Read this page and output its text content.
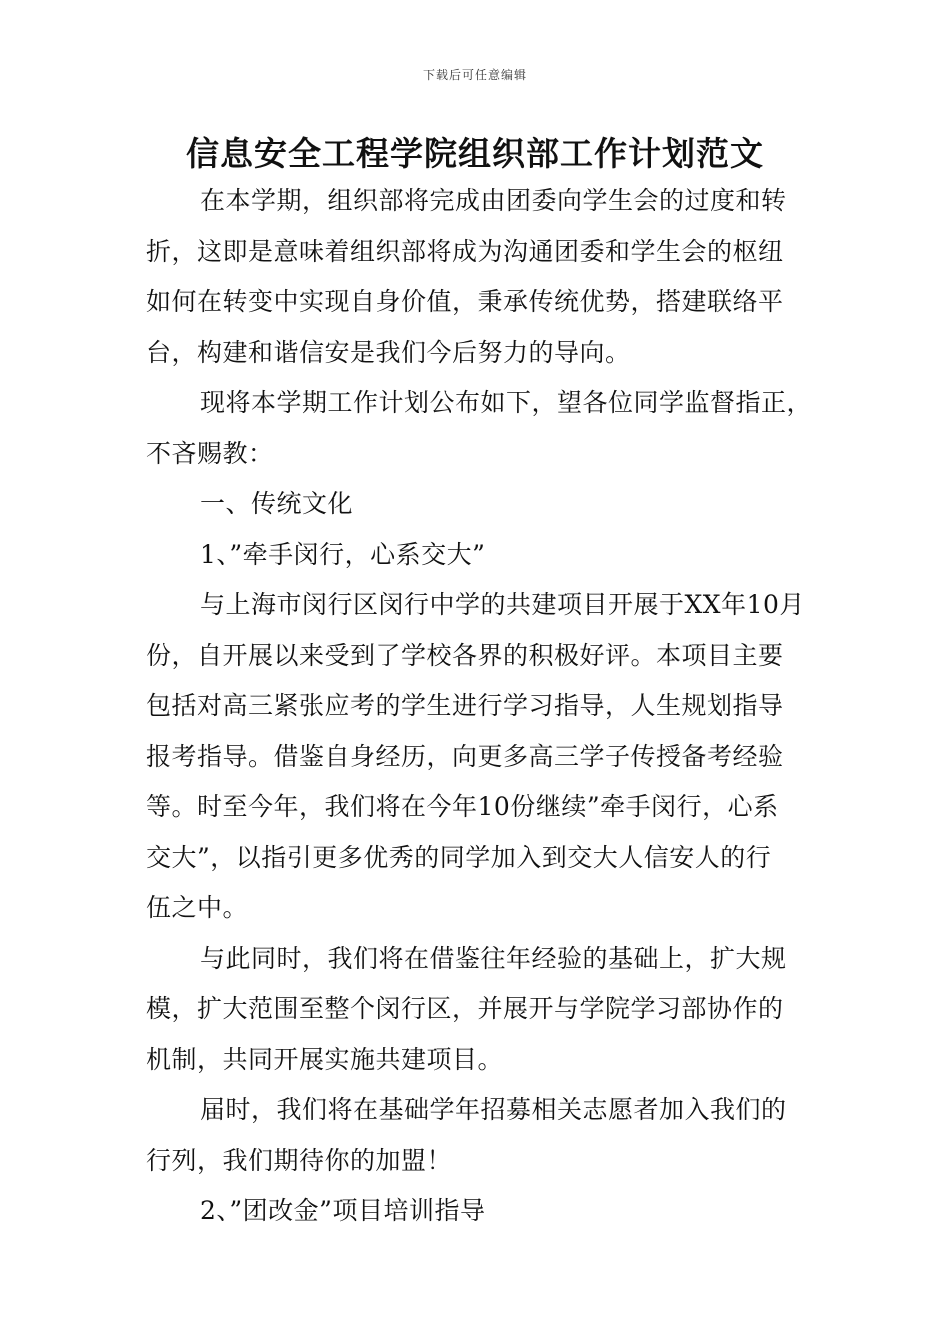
下载后可任意编辑
信息安全工程学院组织部工作计划范文
在本学期，组织部将完成由团委向学生会的过度和转
折，这即是意味着组织部将成为沟通团委和学生会的枢纽
如何在转变中实现自身价值，秉承传统优势，搭建联络平
台，构建和谐信安是我们今后努力的导向。
现将本学期工作计划公布如下，望各位同学监督指正，
不吝赐教：
一、传统文化
1、”牵手闵行，心系交大”
与上海市闵行区闵行中学的共建项目开展于XX年10月
份，自开展以来受到了学校各界的积极好评。本项目主要
包括对高三紧张应考的学生进行学习指导，人生规划指导
报考指导。借鉴自身经历，向更多高三学子传授备考经验
等。时至今年，我们将在今年10份继续”牵手闵行，心系
交大”，以指引更多优秀的同学加入到交大人信安人的行
伍之中。
与此同时，我们将在借鉴往年经验的基础上，扩大规
模，扩大范围至整个闵行区，并展开与学院学习部协作的
机制，共同开展实施共建项目。
届时，我们将在基础学年招募相关志愿者加入我们的
行列，我们期待你的加盟！
2、”团改金”项目培训指导
